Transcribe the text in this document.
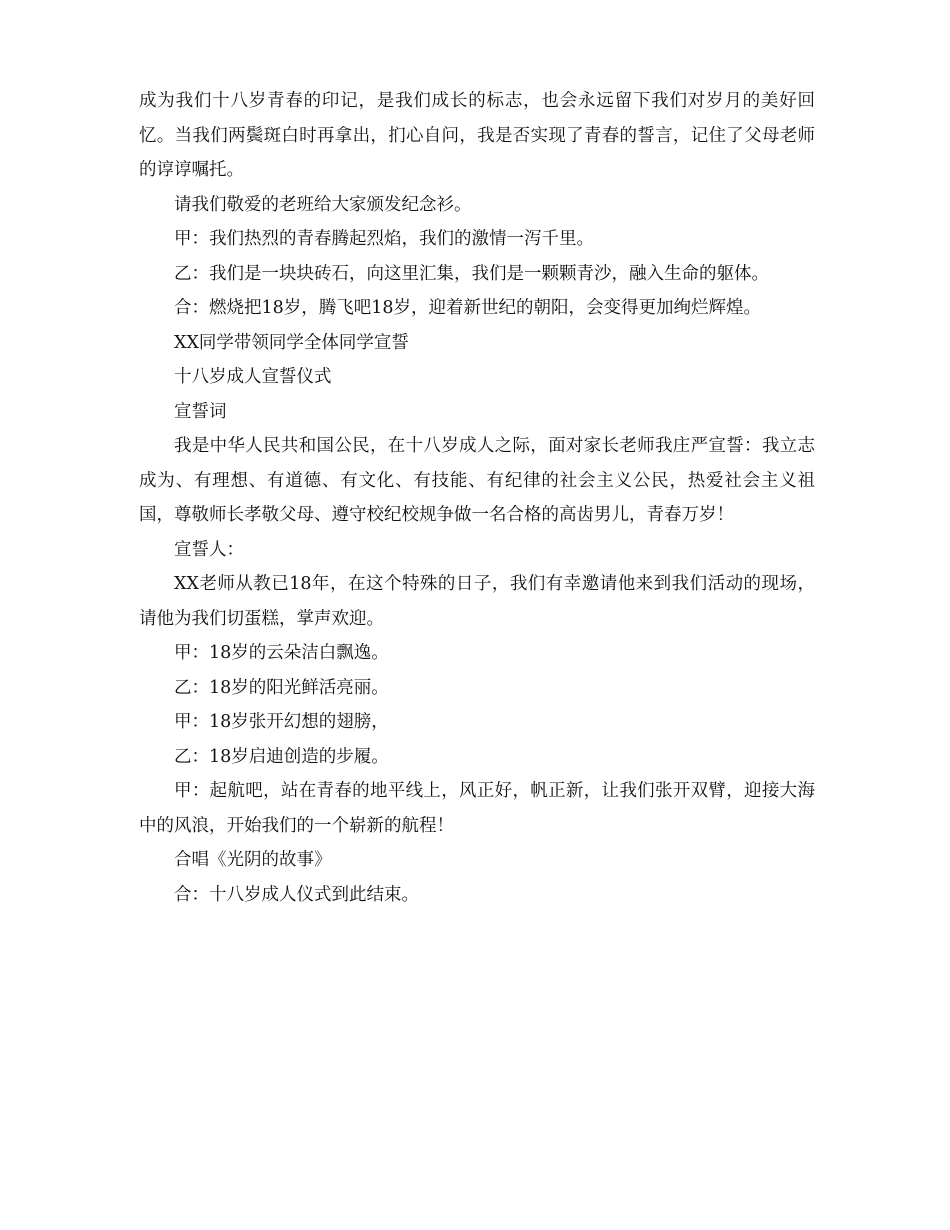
成为我们十八岁青春的印记，是我们成长的标志，也会永远留下我们对岁月的美好回忆。当我们两鬓斑白时再拿出，扪心自问，我是否实现了青春的誓言，记住了父母老师的谆谆嘱托。

请我们敬爱的老班给大家颁发纪念衫。

甲：我们热烈的青春腾起烈焰，我们的激情一泻千里。

乙：我们是一块块砖石，向这里汇集，我们是一颗颗青沙，融入生命的躯体。

合：燃烧把18岁，腾飞吧18岁，迎着新世纪的朝阳，会变得更加绚烂辉煌。

XX同学带领同学全体同学宣誓

十八岁成人宣誓仪式

宣誓词

我是中华人民共和国公民，在十八岁成人之际，面对家长老师我庄严宣誓：我立志成为、有理想、有道德、有文化、有技能、有纪律的社会主义公民，热爱社会主义祖国，尊敬师长孝敬父母、遵守校纪校规争做一名合格的高齿男儿，青春万岁！

宣誓人：

XX老师从教已18年，在这个特殊的日子，我们有幸邀请他来到我们活动的现场，请他为我们切蛋糕，掌声欢迎。

甲：18岁的云朵洁白飘逸。

乙：18岁的阳光鲜活亮丽。

甲：18岁张开幻想的翅膀，

乙：18岁启迪创造的步履。

甲：起航吧，站在青春的地平线上，风正好，帆正新，让我们张开双臂，迎接大海中的风浪，开始我们的一个崭新的航程！

合唱《光阴的故事》

合：十八岁成人仪式到此结束。
